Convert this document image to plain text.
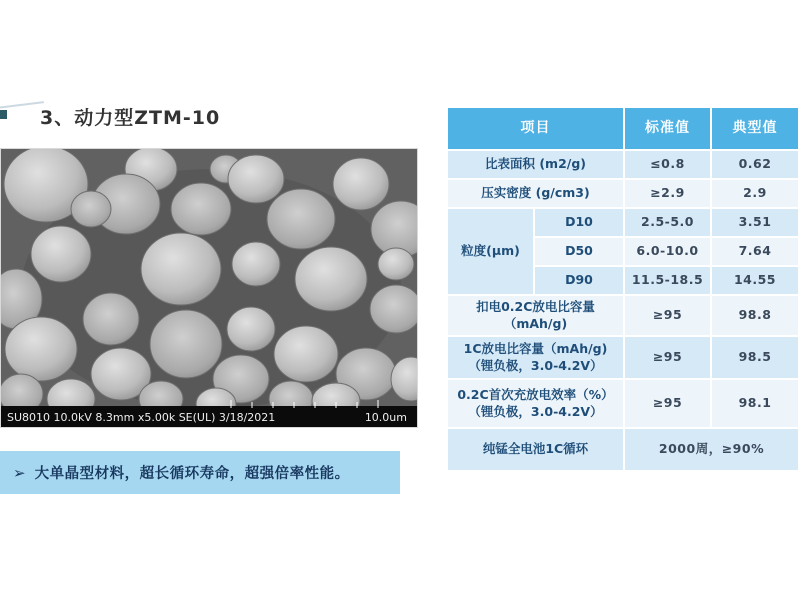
3、动力型ZTM-10
SU8010 10.0kV 8.3mm x5.00k SE(UL) 3/18/2021	10.0um
➢ 大单晶型材料，超长循环寿命，超强倍率性能。
项目	标准值	典型值
比表面积 (m2/g)	≤0.8	0.62
压实密度 (g/cm3)	≥2.9	2.9
粒度(μm)
D10	2.5-5.0	3.51
D50	6.0-10.0	7.64
D90	11.5-18.5	14.55
扣电0.2C放电比容量
（mAh/g)
≥95	98.8
1C放电比容量（mAh/g)
（锂负极，3.0-4.2V）
≥95	98.5
0.2C首次充放电效率（%）
（锂负极，3.0-4.2V）
≥95	98.1
纯锰全电池1C循环	2000周，≥90%
